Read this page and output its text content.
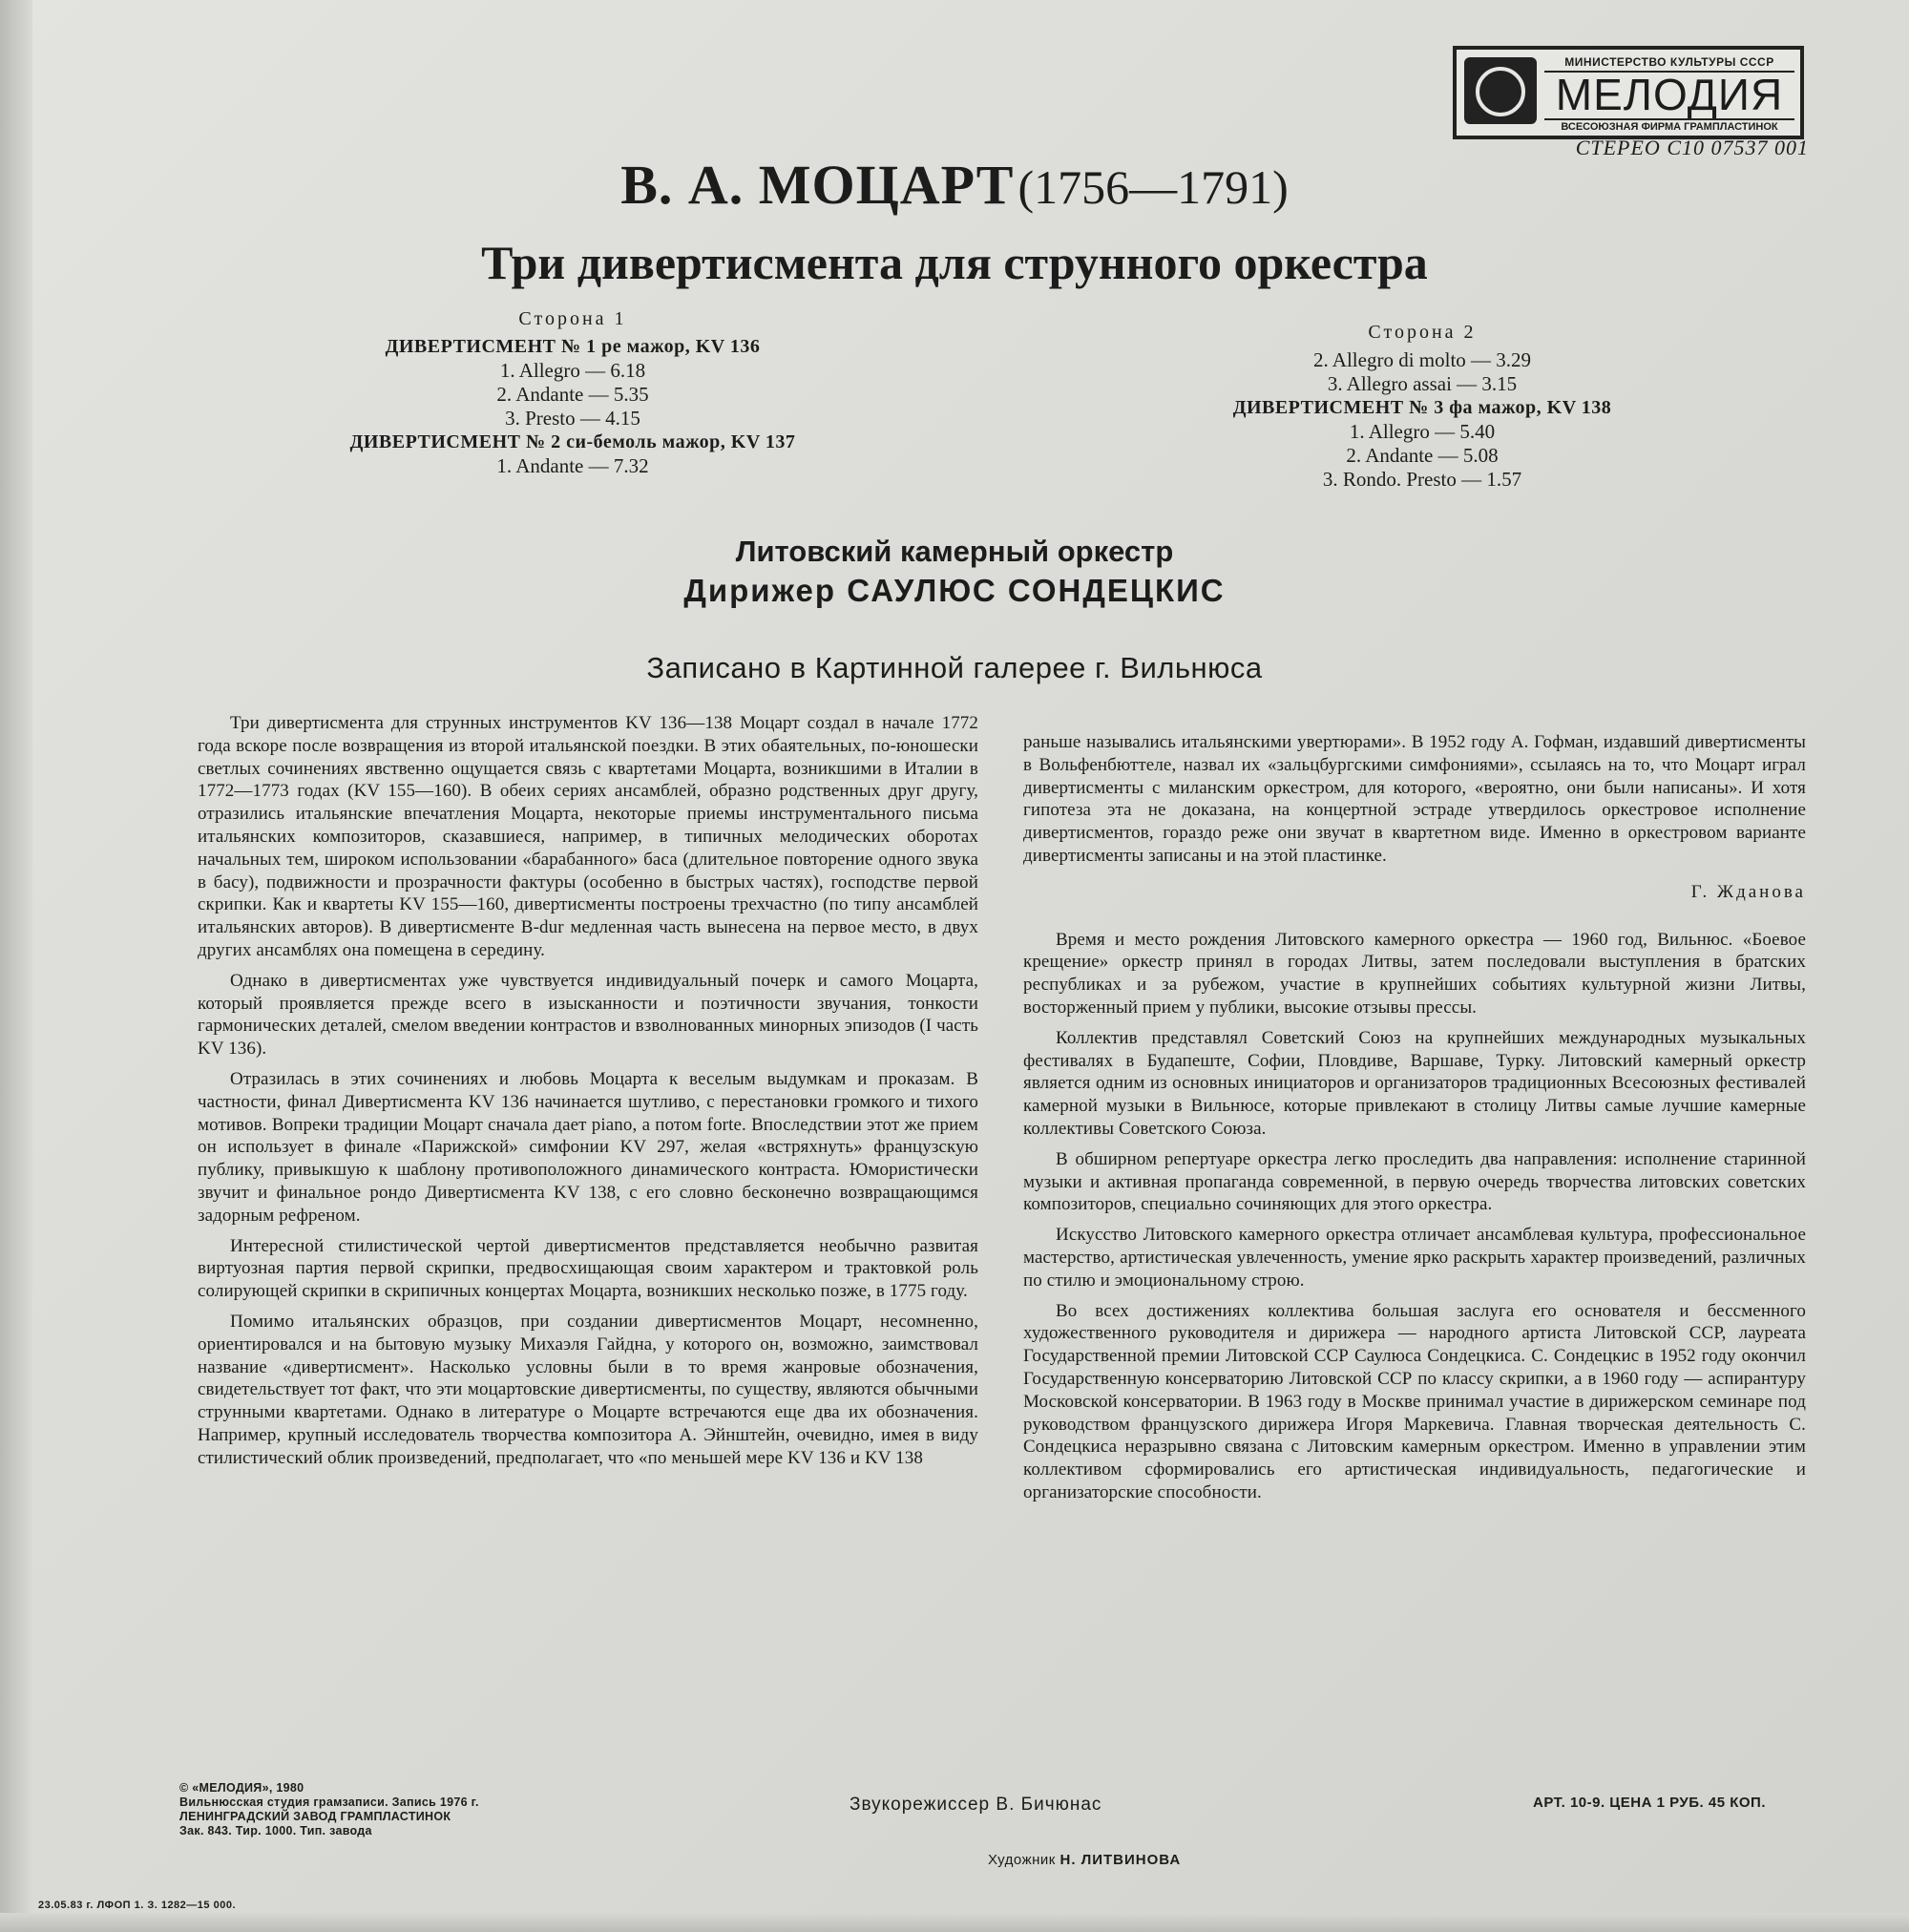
МИНИСТЕРСТВО КУЛЬТУРЫ СССР
МЕЛОДИЯ
ВСЕСОЮЗНАЯ ФИРМА ГРАМПЛАСТИНОК
СТЕРЕО С10 07537 001
В. А. МОЦАРТ (1756—1791)
Три дивертисмента для струнного оркестра
Сторона 1
ДИВЕРТИСМЕНТ № 1 ре мажор, KV 136
1. Allegro — 6.18
2. Andante — 5.35
3. Presto — 4.15
ДИВЕРТИСМЕНТ № 2 си-бемоль мажор, KV 137
1. Andante — 7.32
Сторона 2
2. Allegro di molto — 3.29
3. Allegro assai — 3.15
ДИВЕРТИСМЕНТ № 3 фа мажор, KV 138
1. Allegro — 5.40
2. Andante — 5.08
3. Rondo. Presto — 1.57
Литовский камерный оркестр
Дирижер САУЛЮС СОНДЕЦКИС
Записано в Картинной галерее г. Вильнюса

Три дивертисмента для струнных инструментов KV 136—138 Моцарт создал в начале 1772 года вскоре после возвращения из второй итальянской поездки. В этих обаятельных, по-юношески светлых сочинениях явственно ощущается связь с квартетами Моцарта, возникшими в Италии в 1772—1773 годах (KV 155—160). В обеих сериях ансамблей, образно родственных друг другу, отразились итальянские впечатления Моцарта, некоторые приемы инструментального письма итальянских композиторов, сказавшиеся, например, в типичных мелодических оборотах начальных тем, широком использовании «барабанного» баса (длительное повторение одного звука в басу), подвижности и прозрачности фактуры (особенно в быстрых частях), господстве первой скрипки. Как и квартеты KV 155—160, дивертисменты построены трехчастно (по типу ансамблей итальянских авторов). В дивертисменте B-dur медленная часть вынесена на первое место, в двух других ансамблях она помещена в середину.

Однако в дивертисментах уже чувствуется индивидуальный почерк и самого Моцарта, который проявляется прежде всего в изысканности и поэтичности звучания, тонкости гармонических деталей, смелом введении контрастов и взволнованных минорных эпизодов (I часть KV 136).

Отразилась в этих сочинениях и любовь Моцарта к веселым выдумкам и проказам. В частности, финал Дивертисмента KV 136 начинается шутливо, с перестановки громкого и тихого мотивов. Вопреки традиции Моцарт сначала дает piano, а потом forte. Впоследствии этот же прием он использует в финале «Парижской» симфонии KV 297, желая «встряхнуть» французскую публику, привыкшую к шаблону противоположного динамического контраста. Юмористически звучит и финальное рондо Дивертисмента KV 138, с его словно бесконечно возвращающимся задорным рефреном.

Интересной стилистической чертой дивертисментов представляется необычно развитая виртуозная партия первой скрипки, предвосхищающая своим характером и трактовкой роль солирующей скрипки в скрипичных концертах Моцарта, возникших несколько позже, в 1775 году.

Помимо итальянских образцов, при создании дивертисментов Моцарт, несомненно, ориентировался и на бытовую музыку Михаэля Гайдна, у которого он, возможно, заимствовал название «дивертисмент». Насколько условны были в то время жанровые обозначения, свидетельствует тот факт, что эти моцартовские дивертисменты, по существу, являются обычными струнными квартетами. Однако в литературе о Моцарте встречаются еще два их обозначения. Например, крупный исследователь творчества композитора А. Эйнштейн, очевидно, имея в виду стилистический облик произведений, предполагает, что «по меньшей мере KV 136 и KV 138

раньше назывались итальянскими увертюрами». В 1952 году А. Гофман, издавший дивертисменты в Вольфенбюттеле, назвал их «зальцбургскими симфониями», ссылаясь на то, что Моцарт играл дивертисменты с миланским оркестром, для которого, «вероятно, они были написаны». И хотя гипотеза эта не доказана, на концертной эстраде утвердилось оркестровое исполнение дивертисментов, гораздо реже они звучат в квартетном виде. Именно в оркестровом варианте дивертисменты записаны и на этой пластинке.

Г. Жданова

Время и место рождения Литовского камерного оркестра — 1960 год, Вильнюс. «Боевое крещение» оркестр принял в городах Литвы, затем последовали выступления в братских республиках и за рубежом, участие в крупнейших событиях культурной жизни Литвы, восторженный прием у публики, высокие отзывы прессы.

Коллектив представлял Советский Союз на крупнейших международных музыкальных фестивалях в Будапеште, Софии, Пловдиве, Варшаве, Турку. Литовский камерный оркестр является одним из основных инициаторов и организаторов традиционных Всесоюзных фестивалей камерной музыки в Вильнюсе, которые привлекают в столицу Литвы самые лучшие камерные коллективы Советского Союза.

В обширном репертуаре оркестра легко проследить два направления: исполнение старинной музыки и активная пропаганда современной, в первую очередь творчества литовских советских композиторов, специально сочиняющих для этого оркестра.

Искусство Литовского камерного оркестра отличает ансамблевая культура, профессиональное мастерство, артистическая увлеченность, умение ярко раскрыть характер произведений, различных по стилю и эмоциональному строю.

Во всех достижениях коллектива большая заслуга его основателя и бессменного художественного руководителя и дирижера — народного артиста Литовской ССР, лауреата Государственной премии Литовской ССР Саулюса Сондецкиса. С. Сондецкис в 1952 году окончил Государственную консерваторию Литовской ССР по классу скрипки, а в 1960 году — аспирантуру Московской консерватории. В 1963 году в Москве принимал участие в дирижерском семинаре под руководством французского дирижера Игоря Маркевича. Главная творческая деятельность С. Сондецкиса неразрывно связана с Литовским камерным оркестром. Именно в управлении этим коллективом сформировались его артистическая индивидуальность, педагогические и организаторские способности.

© «МЕЛОДИЯ», 1980
Вильнюсская студия грамзаписи. Запись 1976 г.
ЛЕНИНГРАДСКИЙ ЗАВОД ГРАМПЛАСТИНОК
Зак. 843. Тир. 1000. Тип. завода
Звукорежиссер В. Бичюнас	АРТ. 10-9. ЦЕНА 1 РУБ. 45 КОП.
Художник Н. ЛИТВИНОВА
23.05.83 г. ЛФОП 1. З. 1282—15 000.
